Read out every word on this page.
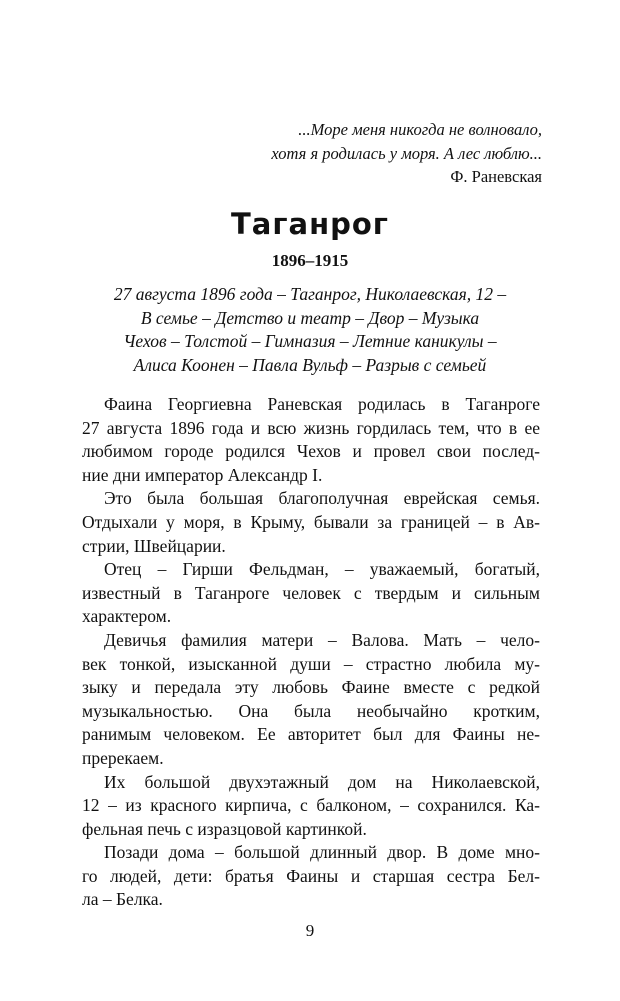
...Море меня никогда не волновало,
хотя я родилась у моря. А лес люблю...
Ф. Раневская
Таганрог
1896–1915
27 августа 1896 года – Таганрог, Николаевская, 12 –
В семье – Детство и театр – Двор – Музыка
Чехов – Толстой – Гимназия – Летние каникулы –
Алиса Коонен – Павла Вульф – Разрыв с семьей
Фаина Георгиевна Раневская родилась в Таганроге
27 августа 1896 года и всю жизнь гордилась тем, что в ее
любимом городе родился Чехов и провел свои послед-
ние дни император Александр I.
Это была большая благополучная еврейская семья.
Отдыхали у моря, в Крыму, бывали за границей – в Ав-
стрии, Швейцарии.
Отец – Гирши Фельдман, – уважаемый, богатый,
известный в Таганроге человек с твердым и сильным
характером.
Девичья фамилия матери – Валова. Мать – чело-
век тонкой, изысканной души – страстно любила му-
зыку и передала эту любовь Фаине вместе с редкой
музыкальностью. Она была необычайно кротким,
ранимым человеком. Ее авторитет был для Фаины не-
пререкаем.
Их большой двухэтажный дом на Николаевской,
12 – из красного кирпича, с балконом, – сохранился. Ка-
фельная печь с изразцовой картинкой.
Позади дома – большой длинный двор. В доме мно-
го людей, дети: братья Фаины и старшая сестра Бел-
ла – Белка.
9
